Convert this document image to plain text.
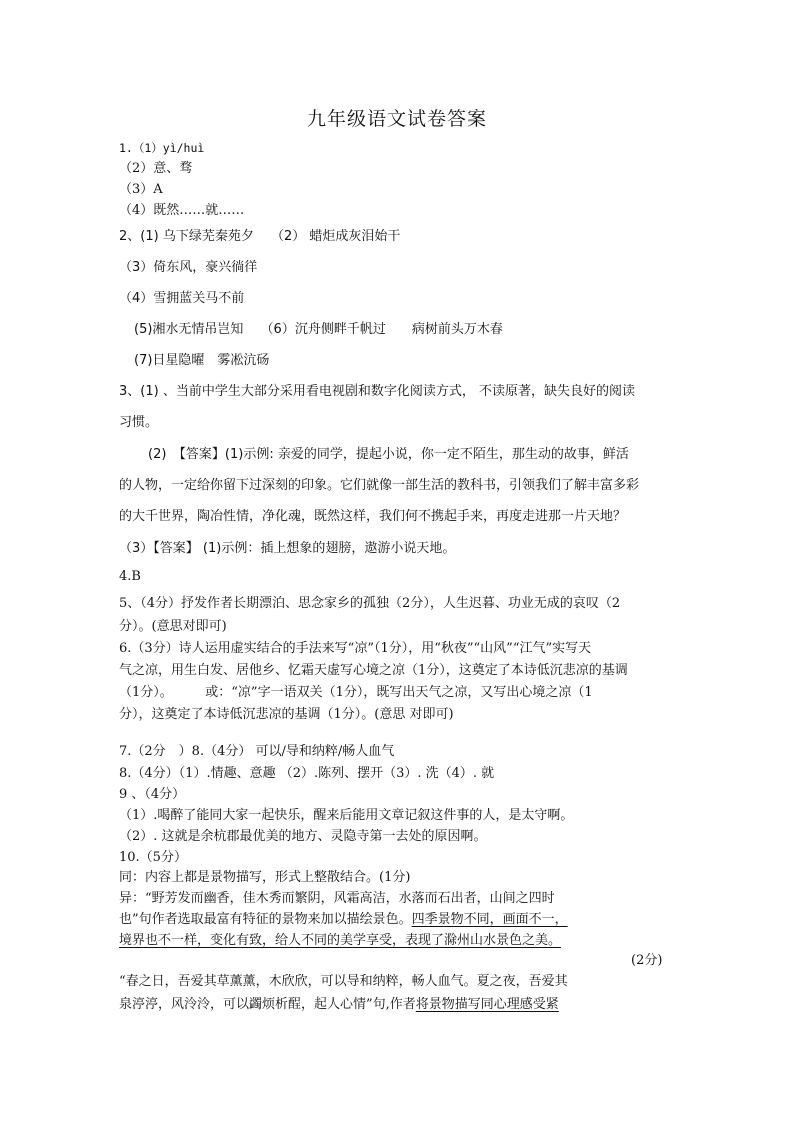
九年级语文试卷答案
1.（1）yì/huì
（2）意、骛
（3）A
（4）既然……就……
2、(1) 乌下绿芜秦苑夕　 （2） 蜡炬成灰泪始干
（3）倚东风，豪兴徜徉
（4）雪拥蓝关马不前
(5)湘水无情吊岂知　 （6）沉舟侧畔千帆过　　病树前头万木春
(7)日星隐曜　雾凇沆砀
3、(1) 、当前中学生大部分采用看电视剧和数字化阅读方式， 不读原著，缺失良好的阅读
习惯。
(2)　【答案】(1)示例: 亲爱的同学，提起小说，你一定不陌生，那生动的故事，鲜活
的人物，一定给你留下过深刻的印象。它们就像一部生活的教科书，引领我们了解丰富多彩
的大千世界，陶冶性情，净化魂，既然这样，我们何不携起手来，再度走进那一片天地？
（3）【答案】 (1)示例：插上想象的翅膀，遨游小说天地。
4.B
5、（4分）抒发作者长期漂泊、思念家乡的孤独（2分），人生迟暮、功业无成的哀叹（2
分）。(意思对即可)
6.（3分）诗人运用虚实结合的手法来写“凉”（1分），用“秋夜”“山风”“江气”实写天
气之凉，用生白发、居他乡、忆霜天虚写心境之凉（1分），这奠定了本诗低沉悲凉的基调
（1分）。　　　或：“凉”字一语双关（1分），既写出天气之凉，又写出心境之凉（1
分），这奠定了本诗低沉悲凉的基调（1分）。(意思 对即可)
7.（2分　）8.（4分） 可以/导和纳粹/畅人血气
8.（4分）（1）.情趣、意趣 （2）.陈列、摆开（3）. 洗（4）. 就
9 、（4分）
（1）.喝醉了能同大家一起快乐，醒来后能用文章记叙这件事的人，是太守啊。
（2）. 这就是余杭郡最优美的地方、灵隐寺第一去处的原因啊。
10.（5分）
同：内容上都是景物描写，形式上整散结合。(1分)
异：“野芳发而幽香，佳木秀而繁阴，风霜高洁，水落而石出者，山间之四时
也”句作者选取最富有特征的景物来加以描绘景色。四季景物不同，画面不一，
境界也不一样，变化有致，给人不同的美学享受，表现了滁州山水景色之美。
(2分)
“春之日，吾爱其草薰薰，木欣欣，可以导和纳粹，畅人血气。夏之夜，吾爱其
泉渟渟，风泠泠，可以蠲烦析酲，起人心情”句,作者将景物描写同心理感受紧
